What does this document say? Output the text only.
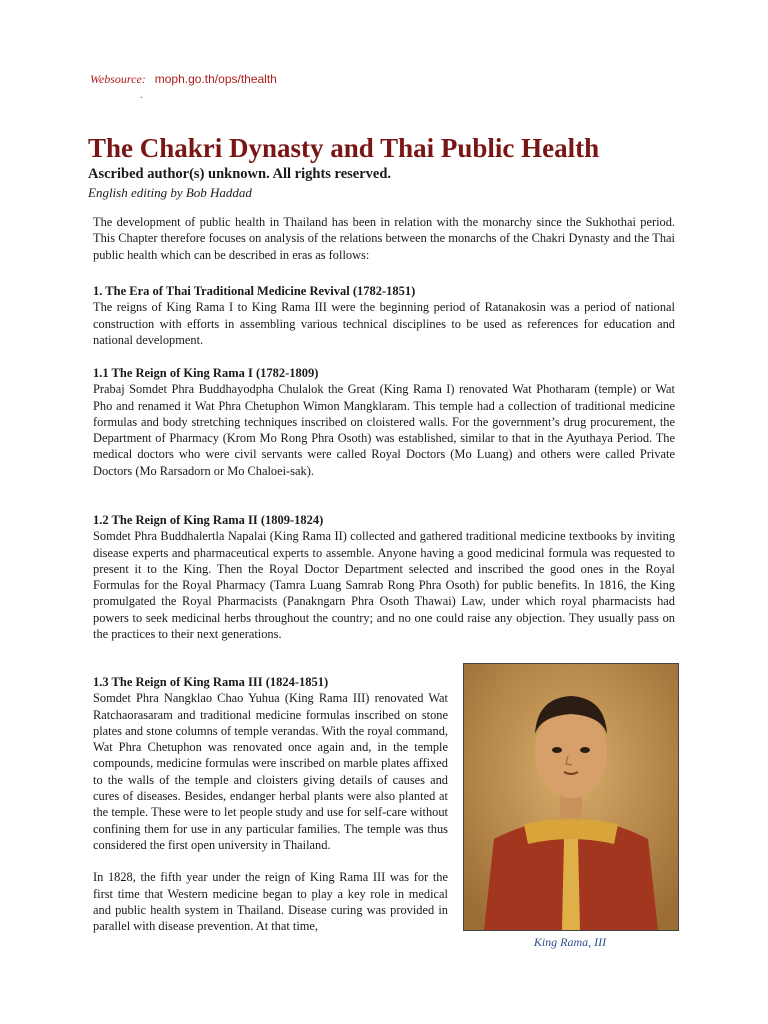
Websource: moph.go.th/ops/thealth
.
The Chakri Dynasty and Thai Public Health
Ascribed author(s) unknown. All rights reserved.
English editing by Bob Haddad

The development of public health in Thailand has been in relation with the monarchy since the Sukhothai period. This Chapter therefore focuses on analysis of the relations between the monarchs of the Chakri Dynasty and the Thai public health which can be described in eras as follows:

1. The Era of Thai Traditional Medicine Revival (1782-1851)

The reigns of King Rama I to King Rama III were the beginning period of Ratanakosin was a period of national construction with efforts in assembling various technical disciplines to be used as references for education and national development.

1.1 The Reign of King Rama I (1782-1809)

Prabaj Somdet Phra Buddhayodpha Chulalok the Great (King Rama I) renovated Wat Photharam (temple) or Wat Pho and renamed it Wat Phra Chetuphon Wimon Mangklaram. This temple had a collection of traditional medicine formulas and body stretching techniques inscribed on cloistered walls. For the government’s drug procurement, the Department of Pharmacy (Krom Mo Rong Phra Osoth) was established, similar to that in the Ayuthaya Period. The medical doctors who were civil servants were called Royal Doctors (Mo Luang) and others were called Private Doctors (Mo Rarsadorn or Mo Chaloei-sak).

1.2 The Reign of King Rama II (1809-1824)

Somdet Phra Buddhalertla Napalai (King Rama II) collected and gathered traditional medicine textbooks by inviting disease experts and pharmaceutical experts to assemble. Anyone having a good medicinal formula was requested to present it to the King. Then the Royal Doctor Department selected and inscribed the good ones in the Royal Formulas for the Royal Pharmacy (Tamra Luang Samrab Rong Phra Osoth) for public benefits. In 1816, the King promulgated the Royal Pharmacists (Panakngarn Phra Osoth Thawai) Law, under which royal pharmacists had powers to seek medicinal herbs throughout the country; and no one could raise any objection. They usually pass on the practices to their next generations.

1.3 The Reign of King Rama III (1824-1851)

Somdet Phra Nangklao Chao Yuhua (King Rama III) renovated Wat Ratchaorasaram and traditional medicine formulas inscribed on stone plates and stone columns of temple verandas. With the royal command, Wat Phra Chetuphon was renovated once again and, in the temple compounds, medicine formulas were inscribed on marble plates affixed to the walls of the temple and cloisters giving details of causes and cures of diseases. Besides, endanger herbal plants were also planted at the temple. These were to let people study and use for self-care without confining them for use in any particular families. The temple was thus considered the first open university in Thailand.

In 1828, the fifth year under the reign of King Rama III was for the first time that Western medicine began to play a key role in medical and public health system in Thailand. Disease curing was provided in parallel with disease prevention. At that time,

King Rama, III
